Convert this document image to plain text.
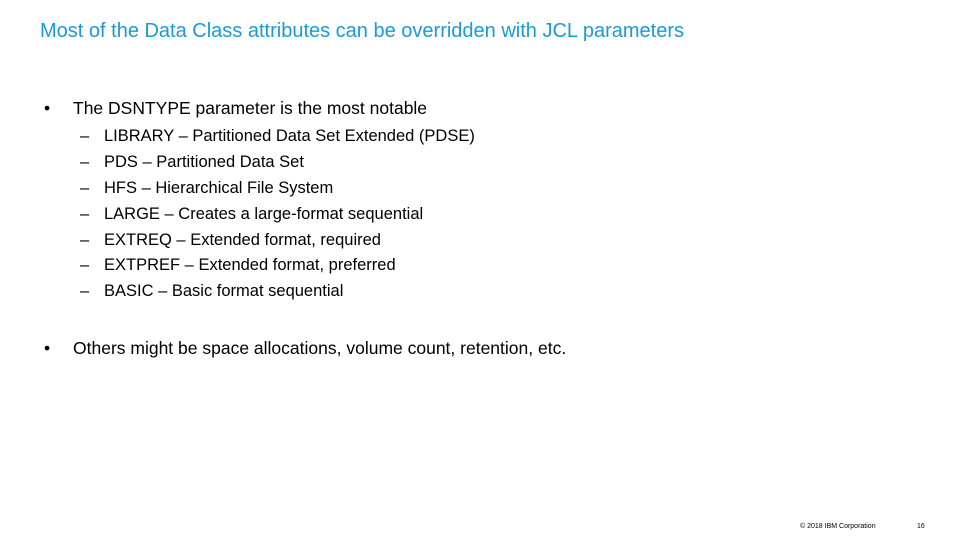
Most of the Data Class attributes can be overridden with JCL parameters
• The DSNTYPE parameter is the most notable
– LIBRARY – Partitioned Data Set Extended (PDSE)
– PDS – Partitioned Data Set
– HFS – Hierarchical File System
– LARGE – Creates a large-format sequential
– EXTREQ – Extended format, required
– EXTPREF – Extended format, preferred
– BASIC – Basic format sequential
• Others might be space allocations, volume count, retention, etc.
© 2018 IBM Corporation	16
